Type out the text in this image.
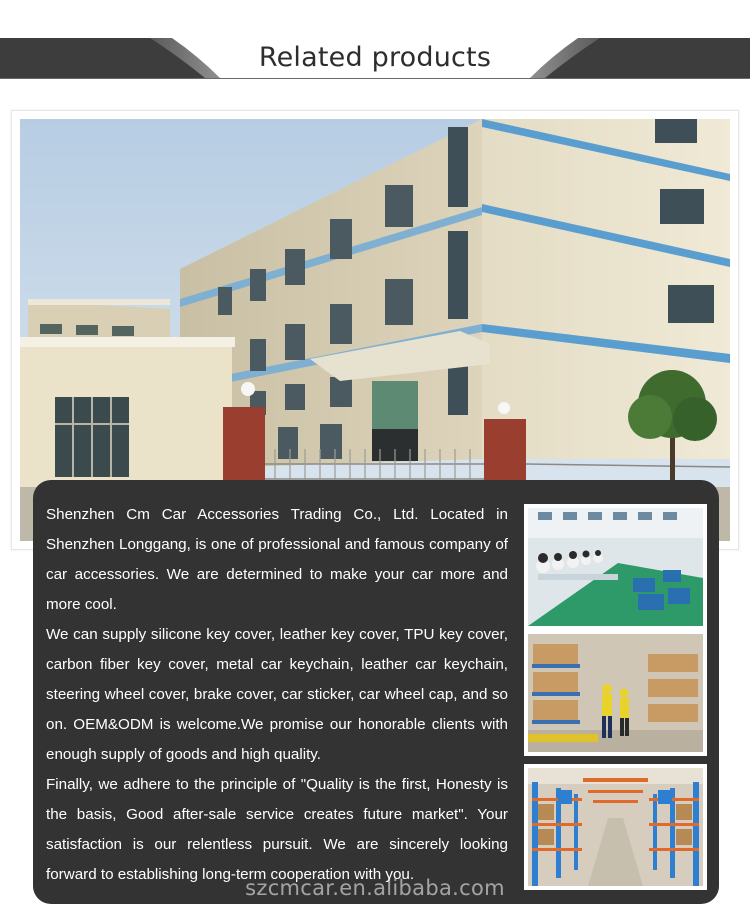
Related products

Shenzhen Cm Car Accessories Trading Co., Ltd. Located in Shenzhen Longgang, is one of professional and famous company of car accessories. We are determined to make your car more and more cool.

We can supply silicone key cover, leather key cover, TPU key cover, carbon fiber key cover, metal car keychain, leather car keychain, steering wheel cover, brake cover, car sticker, car wheel cap, and so on. OEM&ODM is welcome.We promise our honorable clients with enough supply of goods and high quality.

Finally, we adhere to the principle of "Quality is the first, Honesty is the basis, Good after-sale service creates future market". Your satisfaction is our relentless pursuit. We are sincerely looking forward to establishing long-term cooperation with you.

szcmcar.en.alibaba.com
